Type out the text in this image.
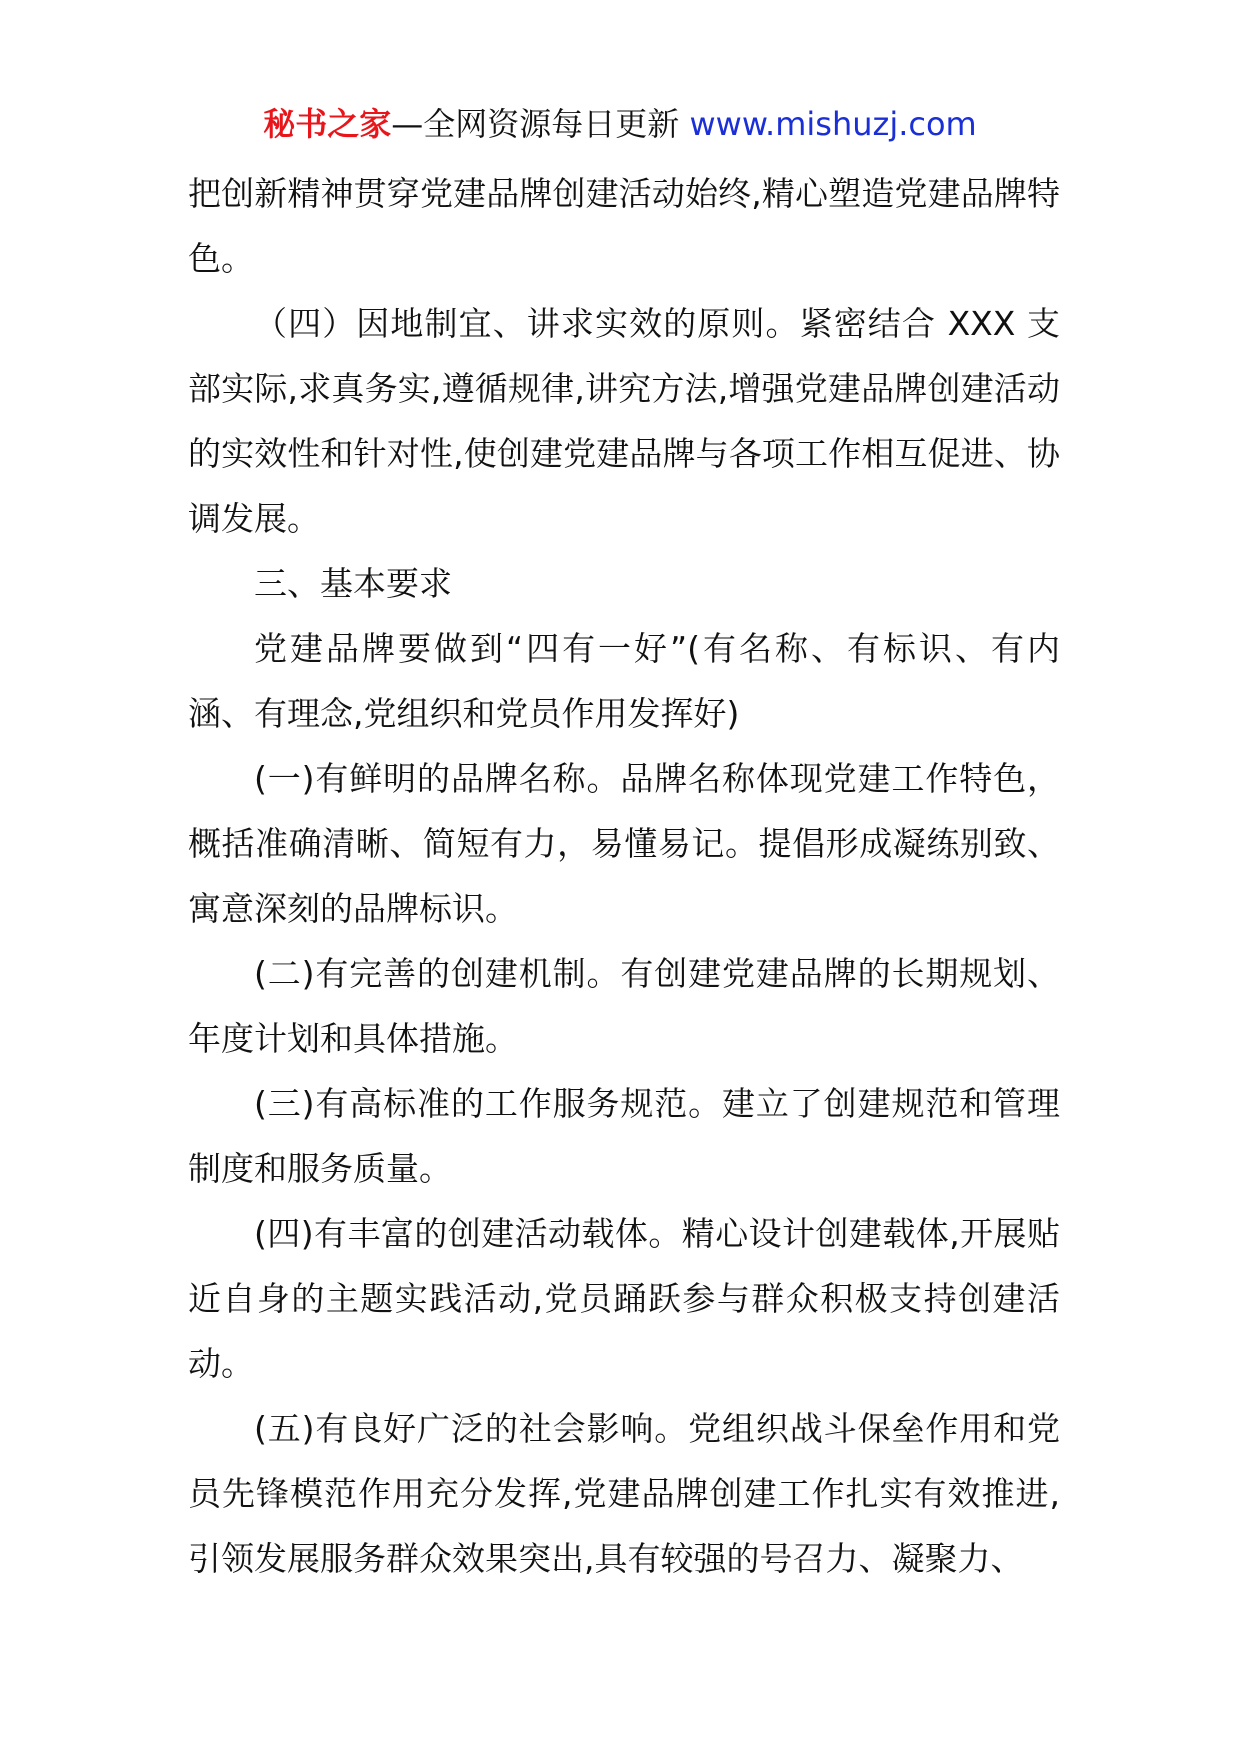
秘书之家—全网资源每日更新 www.mishuzj.com

把创新精神贯穿党建品牌创建活动始终,精心塑造党建品牌特色。

（四）因地制宜、讲求实效的原则。紧密结合 XXX 支部实际,求真务实,遵循规律,讲究方法,增强党建品牌创建活动的实效性和针对性,使创建党建品牌与各项工作相互促进、协调发展。

三、基本要求

党建品牌要做到“四有一好”(有名称、有标识、有内涵、有理念,党组织和党员作用发挥好)

(一)有鲜明的品牌名称。品牌名称体现党建工作特色，概括准确清晰、简短有力，易懂易记。提倡形成凝练别致、寓意深刻的品牌标识。

(二)有完善的创建机制。有创建党建品牌的长期规划、年度计划和具体措施。

(三)有高标准的工作服务规范。建立了创建规范和管理制度和服务质量。

(四)有丰富的创建活动载体。精心设计创建载体,开展贴近自身的主题实践活动,党员踊跃参与群众积极支持创建活动。

(五)有良好广泛的社会影响。党组织战斗保垒作用和党员先锋模范作用充分发挥,党建品牌创建工作扎实有效推进,引领发展服务群众效果突出,具有较强的号召力、凝聚力、
